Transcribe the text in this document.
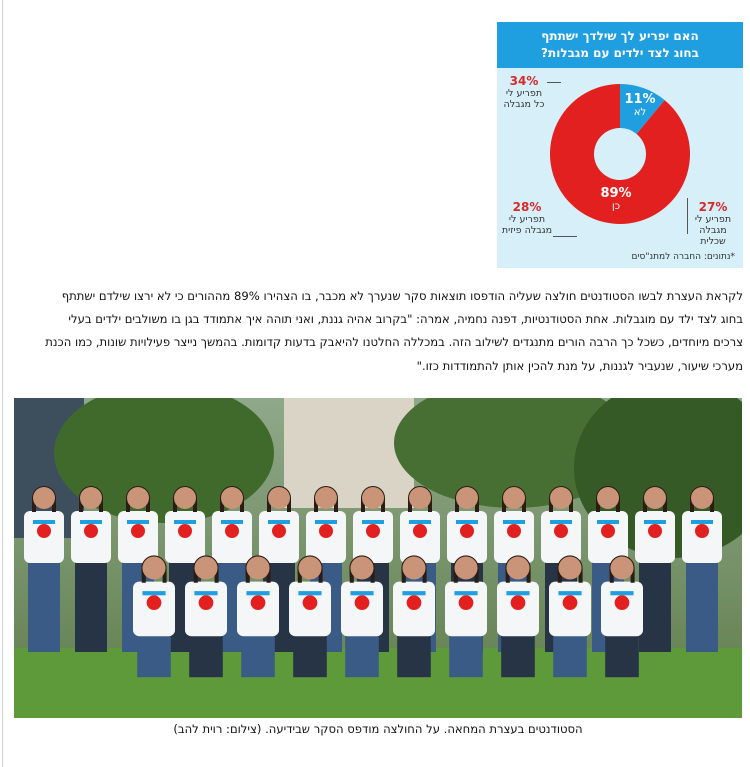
האם יפריע לך שילדך ישתתף
בחוג לצד ילדים עם מגבלות?
34%
תפריע לי כל מגבלה
27%
תפריע לי מגבלה שכלית
28%
תפריע לי מגבלה פיזית
11%
לא
89%
כן
*נתונים: החברה למתנ"סים
לקראת העצרת לבשו הסטודנטים חולצה שעליה הודפסו תוצאות סקר שנערך לא מכבר, בו הצהירו 89% מההורים כי לא ירצו שילדם ישתתף
בחוג לצד ילד עם מוגבלות. אחת הסטודנטיות, דפנה נחמיה, אמרה: "בקרוב אהיה גננת, ואני תוהה איך אתמודד בגן בו משולבים ילדים בעלי
צרכים מיוחדים, כשכל כך הרבה הורים מתנגדים לשילוב הזה. במכללה החלטנו להיאבק בדעות קדומות. בהמשך נייצר פעילויות שונות, כמו הכנת
מערכי שיעור, שנעביר לגננות, על מנת להכין אותן להתמודדות כזו."
הסטודנטים בעצרת המחאה. על החולצה מודפס הסקר שבידיעה. (צילום: רוית להב)
